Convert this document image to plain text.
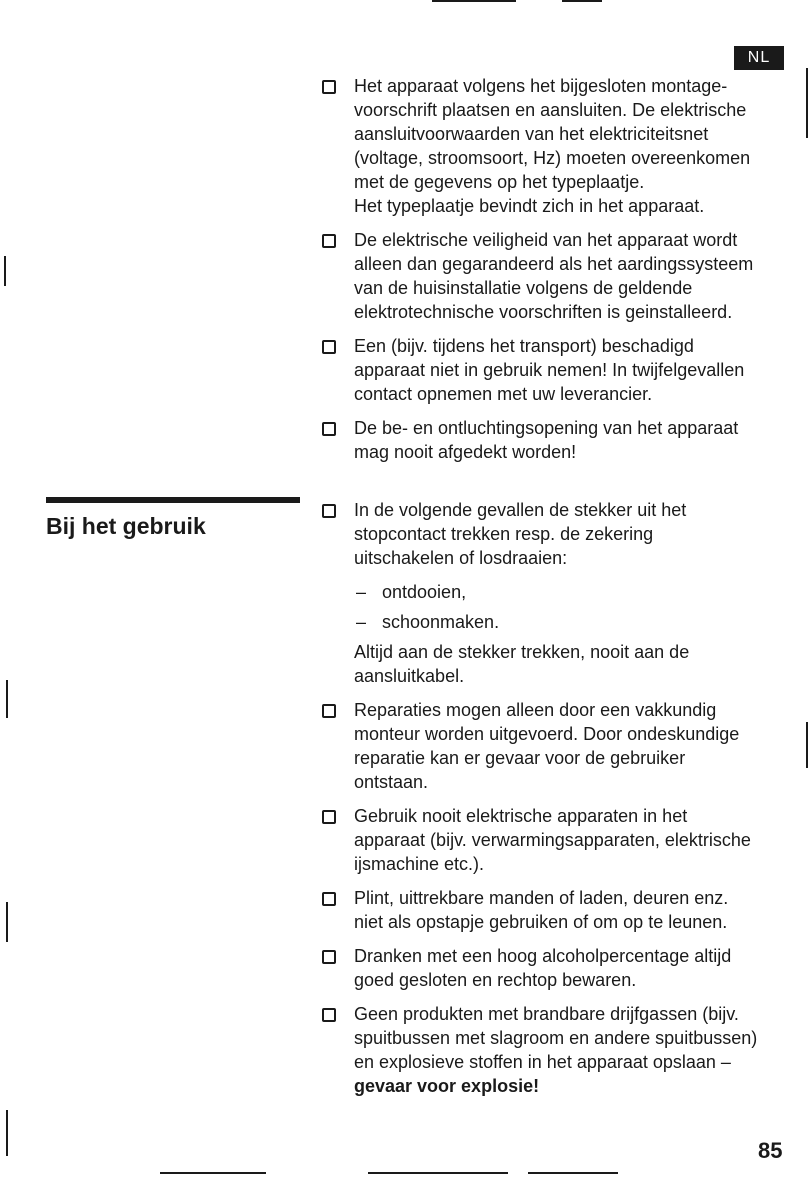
NL
Bij het gebruik

Het apparaat volgens het bijgesloten montage-
voorschrift plaatsen en aansluiten. De elektrische
aansluitvoorwaarden van het elektriciteitsnet
(voltage, stroomsoort, Hz) moeten overeenkomen
met de gegevens op het typeplaatje.
Het typeplaatje bevindt zich in het apparaat.

De elektrische veiligheid van het apparaat wordt
alleen dan gegarandeerd als het aardingssysteem
van de huisinstallatie volgens de geldende
elektrotechnische voorschriften is geinstalleerd.

Een (bijv. tijdens het transport) beschadigd
apparaat niet in gebruik nemen! In twijfelgevallen
contact opnemen met uw leverancier.

De be- en ontluchtingsopening van het apparaat
mag nooit afgedekt worden!

In de volgende gevallen de stekker uit het
stopcontact trekken resp. de zekering
uitschakelen of losdraaien:

– ontdooien,
– schoonmaken.

Altijd aan de stekker trekken, nooit aan de
aansluitkabel.

Reparaties mogen alleen door een vakkundig
monteur worden uitgevoerd. Door ondeskundige
reparatie kan er gevaar voor de gebruiker
ontstaan.

Gebruik nooit elektrische apparaten in het
apparaat (bijv. verwarmingsapparaten, elektrische
ijsmachine etc.).

Plint, uittrekbare manden of laden, deuren enz.
niet als opstapje gebruiken of om op te leunen.

Dranken met een hoog alcoholpercentage altijd
goed gesloten en rechtop bewaren.

Geen produkten met brandbare drijfgassen (bijv.
spuitbussen met slagroom en andere spuitbussen)
en explosieve stoffen in het apparaat opslaan –
gevaar voor explosie!

85
